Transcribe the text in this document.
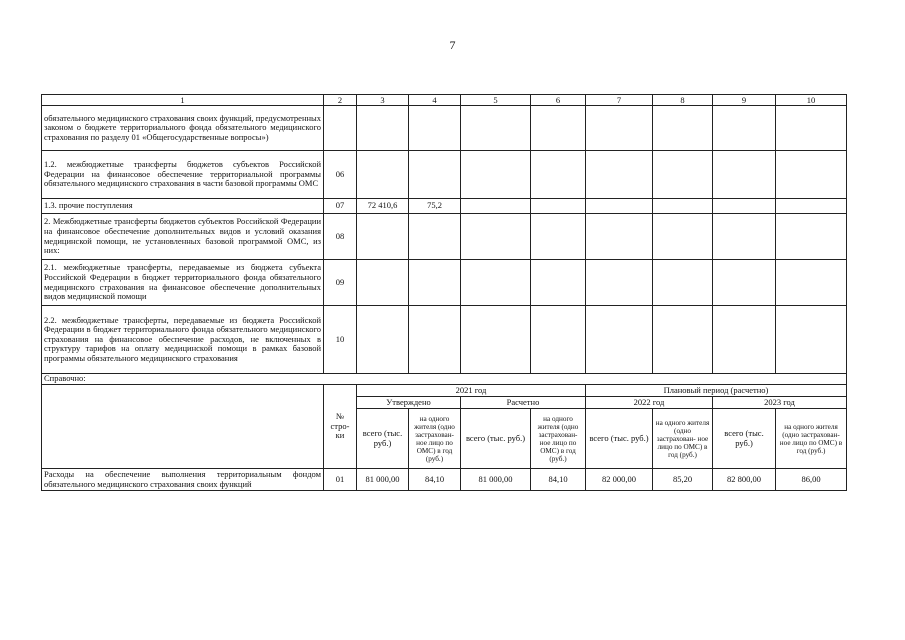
7
1	2	3	4	5	6	7	8	9	10
обязательного медицинского страхования своих функций, предусмотренных законом о бюджете территориального фонда обязательного медицинского страхования по разделу 01 «Общегосударственные вопросы»)									
1.2. межбюджетные трансферты бюджетов субъектов Российской Федерации на финансовое обеспечение территориальной программы обязательного медицинского страхования в части базовой программы ОМС	06								
1.3. прочие поступления	07	72 410,6	75,2						
2. Межбюджетные трансферты бюджетов субъектов Российской Федерации на финансовое обеспечение дополнительных видов и условий оказания медицинской помощи, не установленных базовой программой ОМС, из них:	08								
2.1. межбюджетные трансферты, передаваемые из бюджета субъекта Российской Федерации в бюджет территориального фонда обязательного медицинского страхования на финансовое обеспечение дополнительных видов медицинской помощи	09								
2.2. межбюджетные трансферты, передаваемые из бюджета Российской Федерации в бюджет территориального фонда обязательного медицинского страхования на финансовое обеспечение расходов, не включенных в структуру тарифов на оплату медицинской помощи в рамках базовой программы обязательного медицинского страхования	10								
Справочно:									
	№ стро- ки	2021 год				Плановый период (расчетно)			
		Утверждено		Расчетно		2022 год		2023 год	
		всего (тыс. руб.)	на одного жителя (одно застрахован- ное лицо по ОМС) в год (руб.)	всего (тыс. руб.)	на одного жителя (одно застрахован- ное лицо по ОМС) в год (руб.)	всего (тыс. руб.)	на одного жителя (одно застрахован- ное лицо по ОМС) в год (руб.)	всего (тыс. руб.)	на одного жителя (одно застрахован- ное лицо по ОМС) в год (руб.)
Расходы на обеспечение выполнения территориальным фондом обязательного медицинского страхования своих функций	01	81 000,00	84,10	81 000,00	84,10	82 000,00	85,20	82 800,00	86,00
